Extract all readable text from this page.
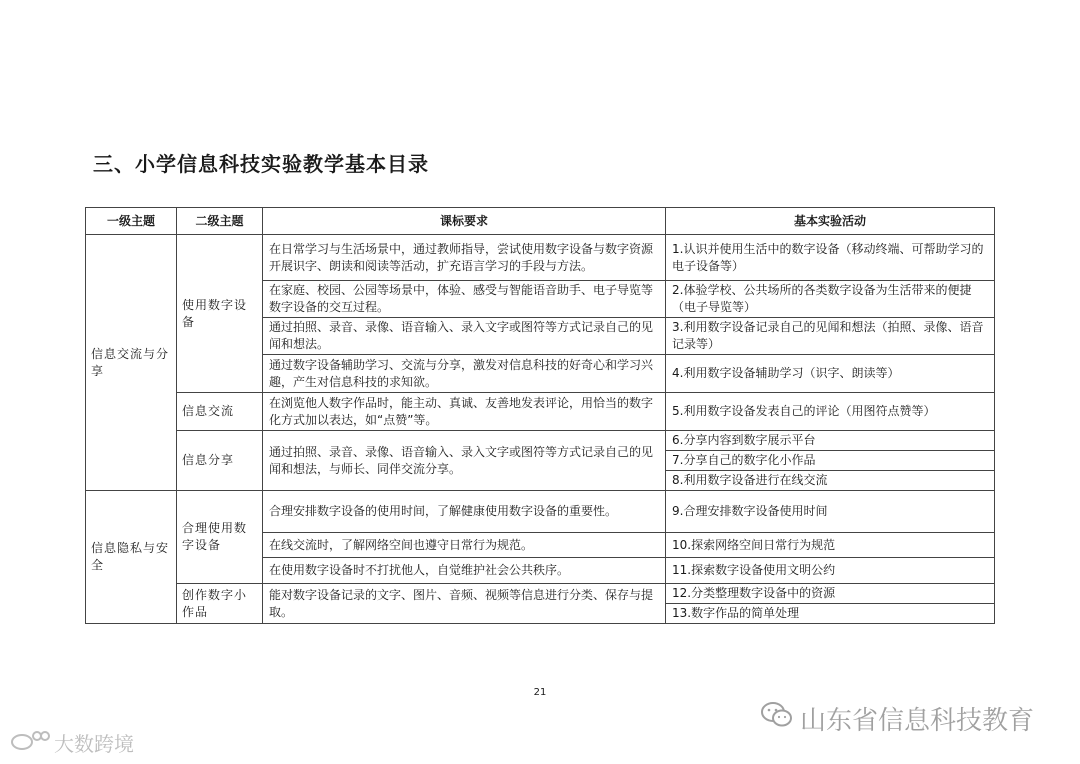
三、小学信息科技实验教学基本目录
一级主题	二级主题	课标要求	基本实验活动
信息交流与分享	使用数字设备	在日常学习与生活场景中，通过教师指导，尝试使用数字设备与数字资源开展识字、朗读和阅读等活动，扩充语言学习的手段与方法。	1.认识并使用生活中的数字设备（移动终端、可帮助学习的电子设备等）
		在家庭、校园、公园等场景中，体验、感受与智能语音助手、电子导览等数字设备的交互过程。	2.体验学校、公共场所的各类数字设备为生活带来的便捷（电子导览等）
		通过拍照、录音、录像、语音输入、录入文字或图符等方式记录自己的见闻和想法。	3.利用数字设备记录自己的见闻和想法（拍照、录像、语音记录等）
		通过数字设备辅助学习、交流与分享，激发对信息科技的好奇心和学习兴趣，产生对信息科技的求知欲。	4.利用数字设备辅助学习（识字、朗读等）
	信息交流	在浏览他人数字作品时，能主动、真诚、友善地发表评论，用恰当的数字化方式加以表达，如“点赞”等。	5.利用数字设备发表自己的评论（用图符点赞等）
	信息分享	通过拍照、录音、录像、语音输入、录入文字或图符等方式记录自己的见闻和想法，与师长、同伴交流分享。	6.分享内容到数字展示平台
			7.分享自己的数字化小作品
			8.利用数字设备进行在线交流
信息隐私与安全	合理使用数字设备	合理安排数字设备的使用时间，了解健康使用数字设备的重要性。	9.合理安排数字设备使用时间
		在线交流时，了解网络空间也遵守日常行为规范。	10.探索网络空间日常行为规范
		在使用数字设备时不打扰他人，自觉维护社会公共秩序。	11.探索数字设备使用文明公约
	创作数字小作品	能对数字设备记录的文字、图片、音频、视频等信息进行分类、保存与提取。	12.分类整理数字设备中的资源
			13.数字作品的简单处理
21
山东省信息科技教育
大数跨境
